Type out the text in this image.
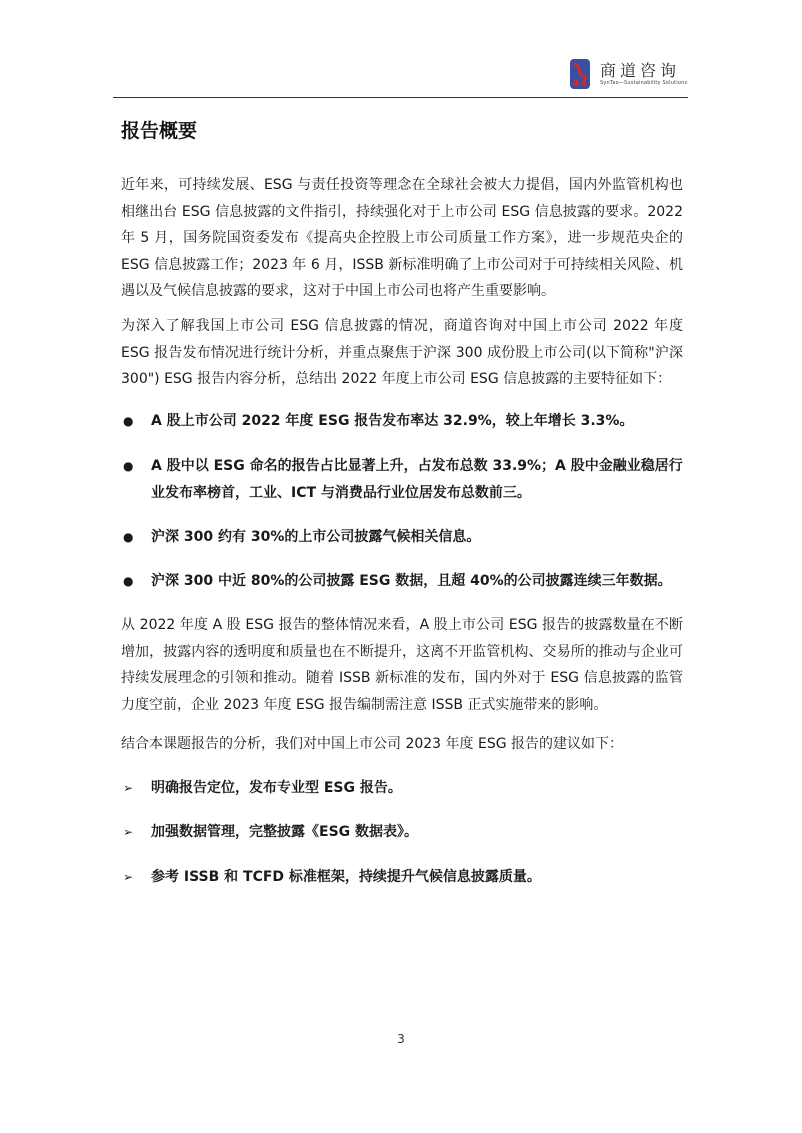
商道咨询
SynTao—Sustainability Solutions
报告概要

近年来，可持续发展、ESG 与责任投资等理念在全球社会被大力提倡，国内外监管机构也相继出台 ESG 信息披露的文件指引，持续强化对于上市公司 ESG 信息披露的要求。2022 年 5 月，国务院国资委发布《提高央企控股上市公司质量工作方案》，进一步规范央企的 ESG 信息披露工作；2023 年 6 月，ISSB 新标准明确了上市公司对于可持续相关风险、机遇以及气候信息披露的要求，这对于中国上市公司也将产生重要影响。

为深入了解我国上市公司 ESG 信息披露的情况，商道咨询对中国上市公司 2022 年度 ESG 报告发布情况进行统计分析，并重点聚焦于沪深 300 成份股上市公司(以下简称"沪深 300") ESG 报告内容分析，总结出 2022 年度上市公司 ESG 信息披露的主要特征如下：

●	A 股上市公司 2022 年度 ESG 报告发布率达 32.9%，较上年增长 3.3%。
●	A 股中以 ESG 命名的报告占比显著上升，占发布总数 33.9%；A 股中金融业稳居行业发布率榜首，工业、ICT 与消费品行业位居发布总数前三。
●	沪深 300 约有 30%的上市公司披露气候相关信息。
●	沪深 300 中近 80%的公司披露 ESG 数据，且超 40%的公司披露连续三年数据。

从 2022 年度 A 股 ESG 报告的整体情况来看，A 股上市公司 ESG 报告的披露数量在不断增加，披露内容的透明度和质量也在不断提升，这离不开监管机构、交易所的推动与企业可持续发展理念的引领和推动。随着 ISSB 新标准的发布，国内外对于 ESG 信息披露的监管力度空前，企业 2023 年度 ESG 报告编制需注意 ISSB 正式实施带来的影响。

结合本课题报告的分析，我们对中国上市公司 2023 年度 ESG 报告的建议如下：

➢ 明确报告定位，发布专业型 ESG 报告。
➢ 加强数据管理，完整披露《ESG 数据表》。
➢ 参考 ISSB 和 TCFD 标准框架，持续提升气候信息披露质量。
3
